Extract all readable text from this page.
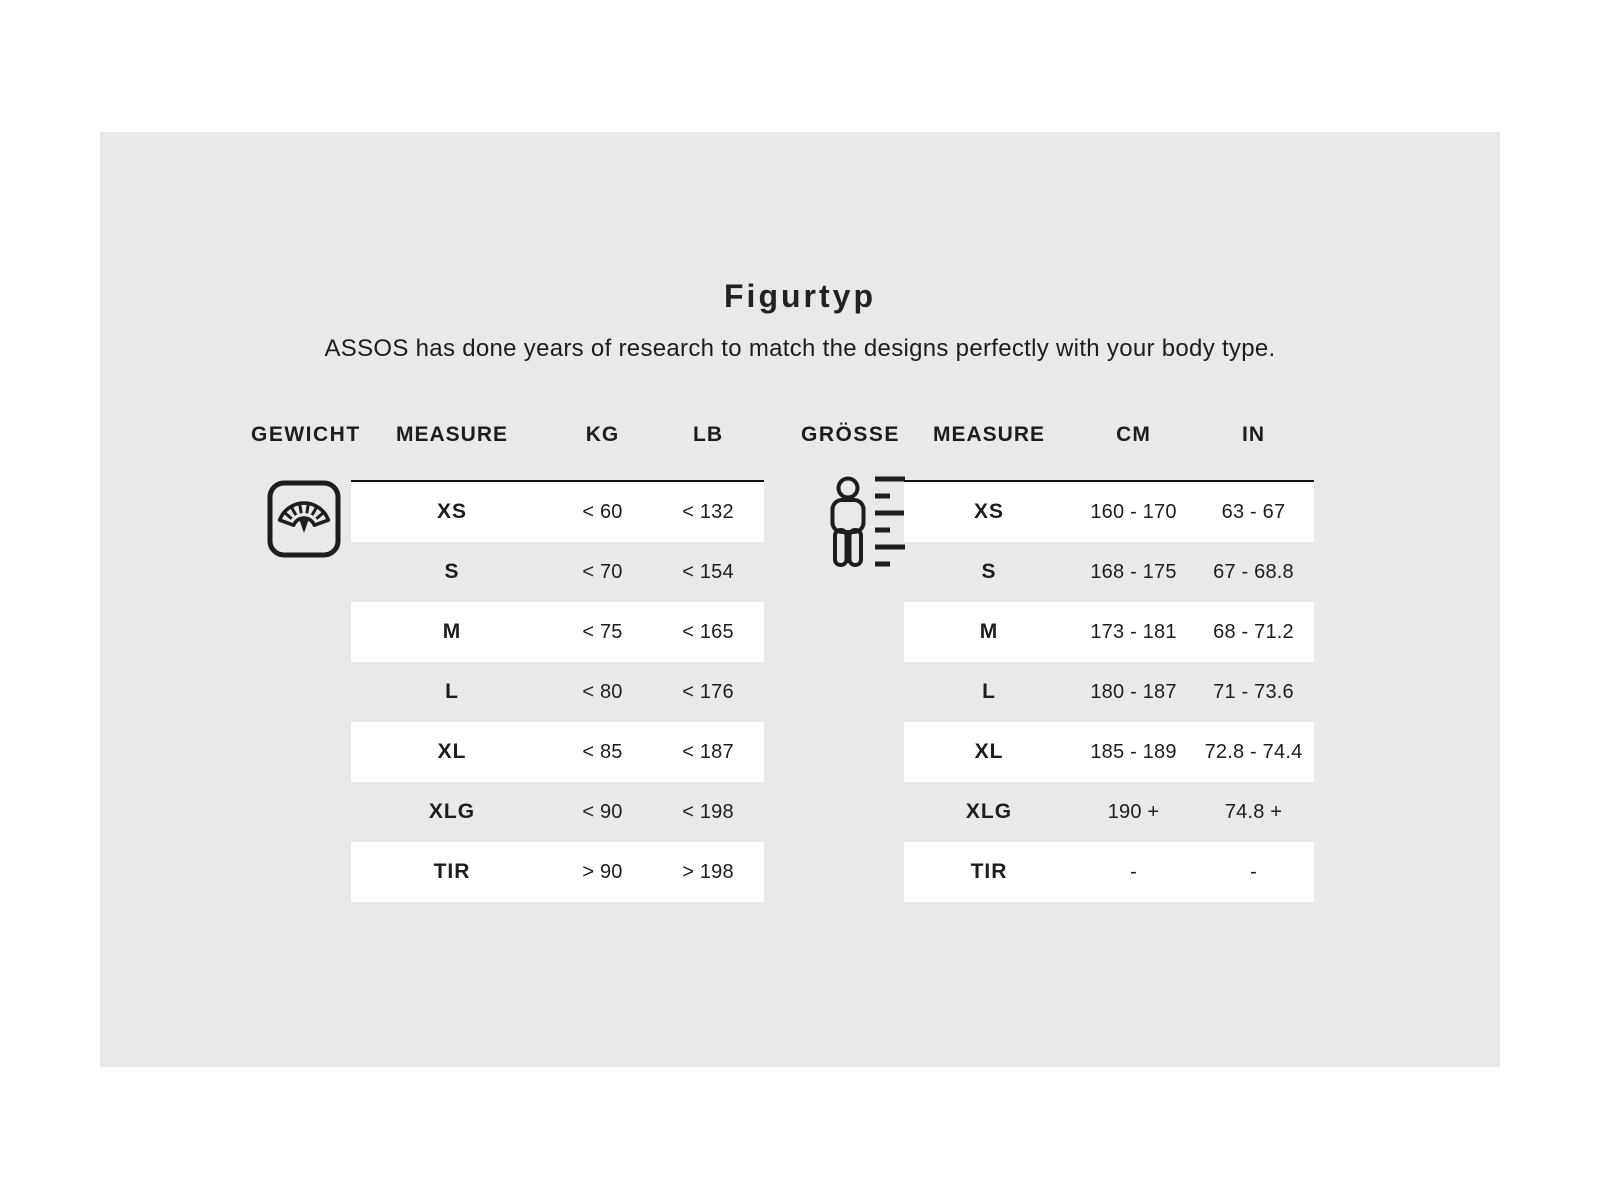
Figurtyp

ASSOS has done years of research to match the designs perfectly with your body type.

GEWICHT	MEASURE	KG	LB
XS	< 60	< 132
S	< 70	< 154
M	< 75	< 165
L	< 80	< 176
XL	< 85	< 187
XLG	< 90	< 198
TIR	> 90	> 198
GRÖSSE	MEASURE	CM	IN
XS	160 - 170	63 - 67
S	168 - 175	67 - 68.8
M	173 - 181	68 - 71.2
L	180 - 187	71 - 73.6
XL	185 - 189	72.8 - 74.4
XLG	190 +	74.8 +
TIR	-	-
